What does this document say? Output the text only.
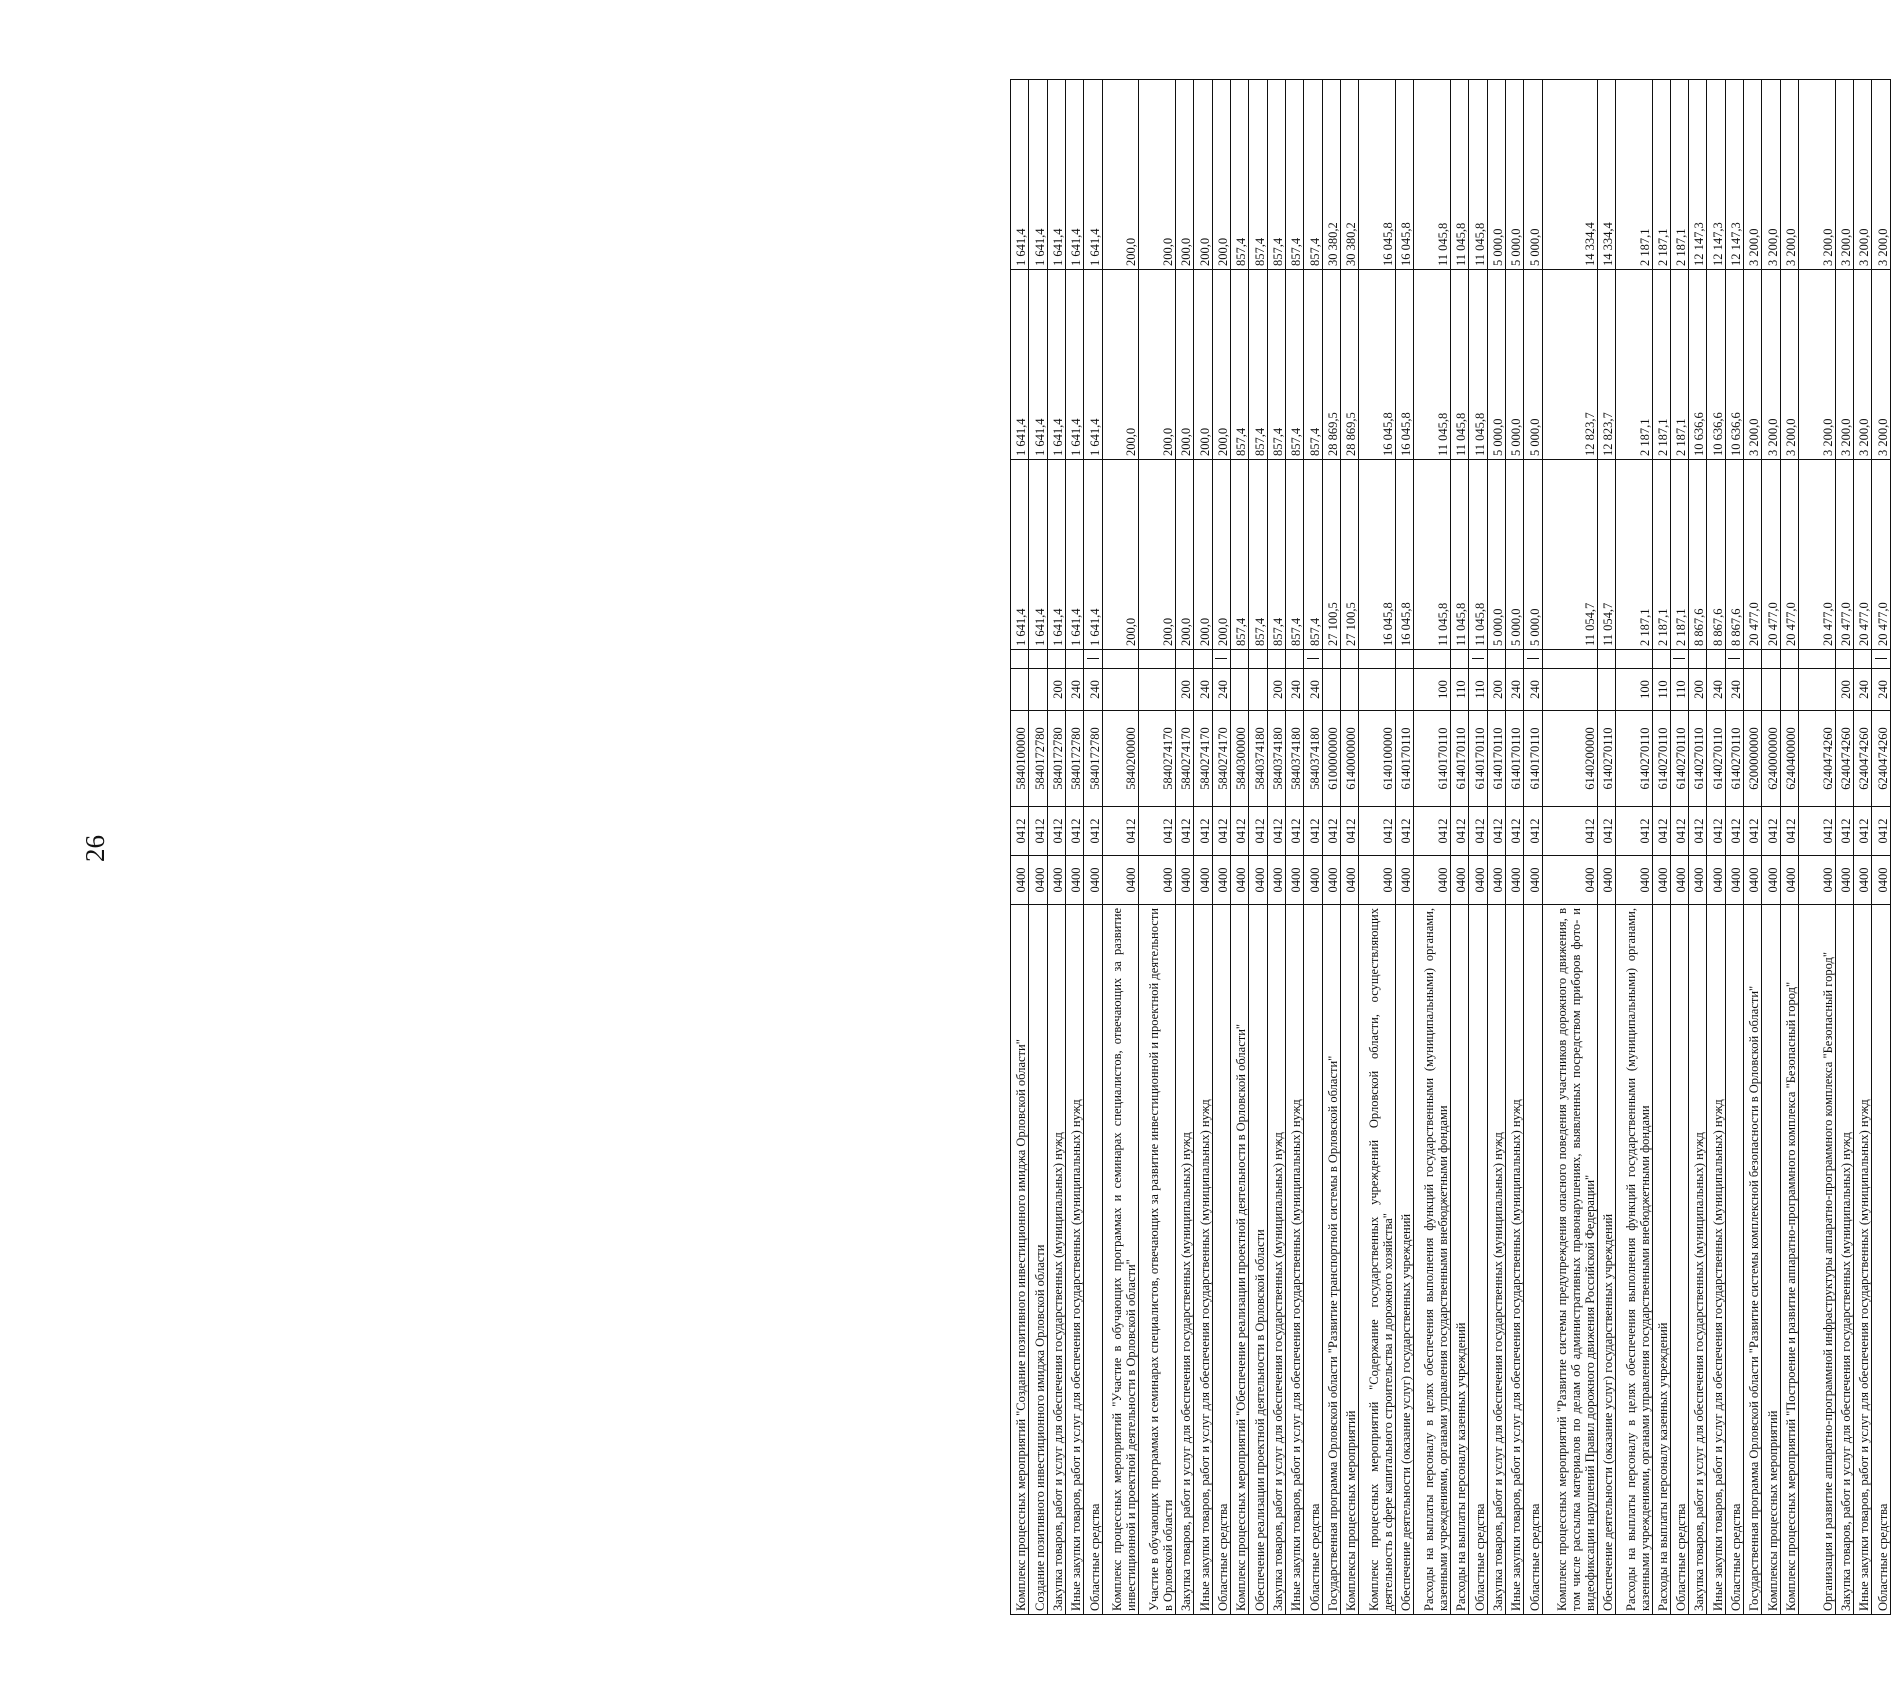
26
Комплекс процессных мероприятий "Создание позитивного инвестиционного имиджа Орловской области"	0400	0412	5840100000			1 641,4	1 641,4	1 641,4
Создание позитивного инвестиционного имиджа Орловской области	0400	0412	5840172780			1 641,4	1 641,4	1 641,4
Закупка товаров, работ и услуг для обеспечения государственных (муниципальных) нужд	0400	0412	5840172780	200		1 641,4	1 641,4	1 641,4
Иные закупки товаров, работ и услуг для обеспечения государственных (муниципальных) нужд	0400	0412	5840172780	240		1 641,4	1 641,4	1 641,4
Областные средства	0400	0412	5840172780	240		1 641,4	1 641,4	1 641,4
Комплекс процессных мероприятий "Участие в обучающих программах и семинарах специалистов, отвечающих за развитие инвестиционной и проектной деятельности в Орловской области"	0400	0412	5840200000			200,0	200,0	200,0
Участие в обучающих программах и семинарах специалистов, отвечающих за развитие инвестиционной и проектной деятельности в Орловской области	0400	0412	5840274170			200,0	200,0	200,0
Закупка товаров, работ и услуг для обеспечения государственных (муниципальных) нужд	0400	0412	5840274170	200		200,0	200,0	200,0
Иные закупки товаров, работ и услуг для обеспечения государственных (муниципальных) нужд	0400	0412	5840274170	240		200,0	200,0	200,0
Областные средства	0400	0412	5840274170	240		200,0	200,0	200,0
Комплекс процессных мероприятий "Обеспечение реализации проектной деятельности в Орловской области"	0400	0412	5840300000			857,4	857,4	857,4
Обеспечение реализации проектной деятельности в Орловской области	0400	0412	5840374180			857,4	857,4	857,4
Закупка товаров, работ и услуг для обеспечения государственных (муниципальных) нужд	0400	0412	5840374180	200		857,4	857,4	857,4
Иные закупки товаров, работ и услуг для обеспечения государственных (муниципальных) нужд	0400	0412	5840374180	240		857,4	857,4	857,4
Областные средства	0400	0412	5840374180	240		857,4	857,4	857,4
Государственная программа Орловской области "Развитие транспортной системы в Орловской области"	0400	0412	6100000000			27 100,5	28 869,5	30 380,2
Комплексы процессных мероприятий	0400	0412	6140000000			27 100,5	28 869,5	30 380,2
Комплекс процессных мероприятий "Содержание государственных учреждений Орловской области, осуществляющих деятельность в сфере капитального строительства и дорожного хозяйства"	0400	0412	6140100000			16 045,8	16 045,8	16 045,8
Обеспечение деятельности (оказание услуг) государственных учреждений	0400	0412	6140170110			16 045,8	16 045,8	16 045,8
Расходы на выплаты персоналу в целях обеспечения выполнения функций государственными (муниципальными) органами, казенными учреждениями, органами управления государственными внебюджетными фондами	0400	0412	6140170110	100		11 045,8	11 045,8	11 045,8
Расходы на выплаты персоналу казенных учреждений	0400	0412	6140170110	110		11 045,8	11 045,8	11 045,8
Областные средства	0400	0412	6140170110	110		11 045,8	11 045,8	11 045,8
Закупка товаров, работ и услуг для обеспечения государственных (муниципальных) нужд	0400	0412	6140170110	200		5 000,0	5 000,0	5 000,0
Иные закупки товаров, работ и услуг для обеспечения государственных (муниципальных) нужд	0400	0412	6140170110	240		5 000,0	5 000,0	5 000,0
Областные средства	0400	0412	6140170110	240		5 000,0	5 000,0	5 000,0
Комплекс процессных мероприятий "Развитие системы предупреждения опасного поведения участников дорожного движения, в том числе рассылка материалов по делам об административных правонарушениях, выявленных посредством приборов фото- и видеофиксации нарушений Правил дорожного движения Российской Федерации"	0400	0412	6140200000			11 054,7	12 823,7	14 334,4
Обеспечение деятельности (оказание услуг) государственных учреждений	0400	0412	6140270110			11 054,7	12 823,7	14 334,4
Расходы на выплаты персоналу в целях обеспечения выполнения функций государственными (муниципальными) органами, казенными учреждениями, органами управления государственными внебюджетными фондами	0400	0412	6140270110	100		2 187,1	2 187,1	2 187,1
Расходы на выплаты персоналу казенных учреждений	0400	0412	6140270110	110		2 187,1	2 187,1	2 187,1
Областные средства	0400	0412	6140270110	110		2 187,1	2 187,1	2 187,1
Закупка товаров, работ и услуг для обеспечения государственных (муниципальных) нужд	0400	0412	6140270110	200		8 867,6	10 636,6	12 147,3
Иные закупки товаров, работ и услуг для обеспечения государственных (муниципальных) нужд	0400	0412	6140270110	240		8 867,6	10 636,6	12 147,3
Областные средства	0400	0412	6140270110	240		8 867,6	10 636,6	12 147,3
Государственная программа Орловской области "Развитие системы комплексной безопасности в Орловской области"	0400	0412	6200000000			20 477,0	3 200,0	3 200,0
Комплексы процессных мероприятий	0400	0412	6240000000			20 477,0	3 200,0	3 200,0
Комплекс процессных мероприятий "Построение и развитие аппаратно-программного комплекса "Безопасный город"	0400	0412	6240400000			20 477,0	3 200,0	3 200,0
Организация и развитие аппаратно-программной инфраструктуры аппаратно-программного комплекса "Безопасный город"	0400	0412	6240474260			20 477,0	3 200,0	3 200,0
Закупка товаров, работ и услуг для обеспечения государственных (муниципальных) нужд	0400	0412	6240474260	200		20 477,0	3 200,0	3 200,0
Иные закупки товаров, работ и услуг для обеспечения государственных (муниципальных) нужд	0400	0412	6240474260	240		20 477,0	3 200,0	3 200,0
Областные средства	0400	0412	6240474260	240		20 477,0	3 200,0	3 200,0
